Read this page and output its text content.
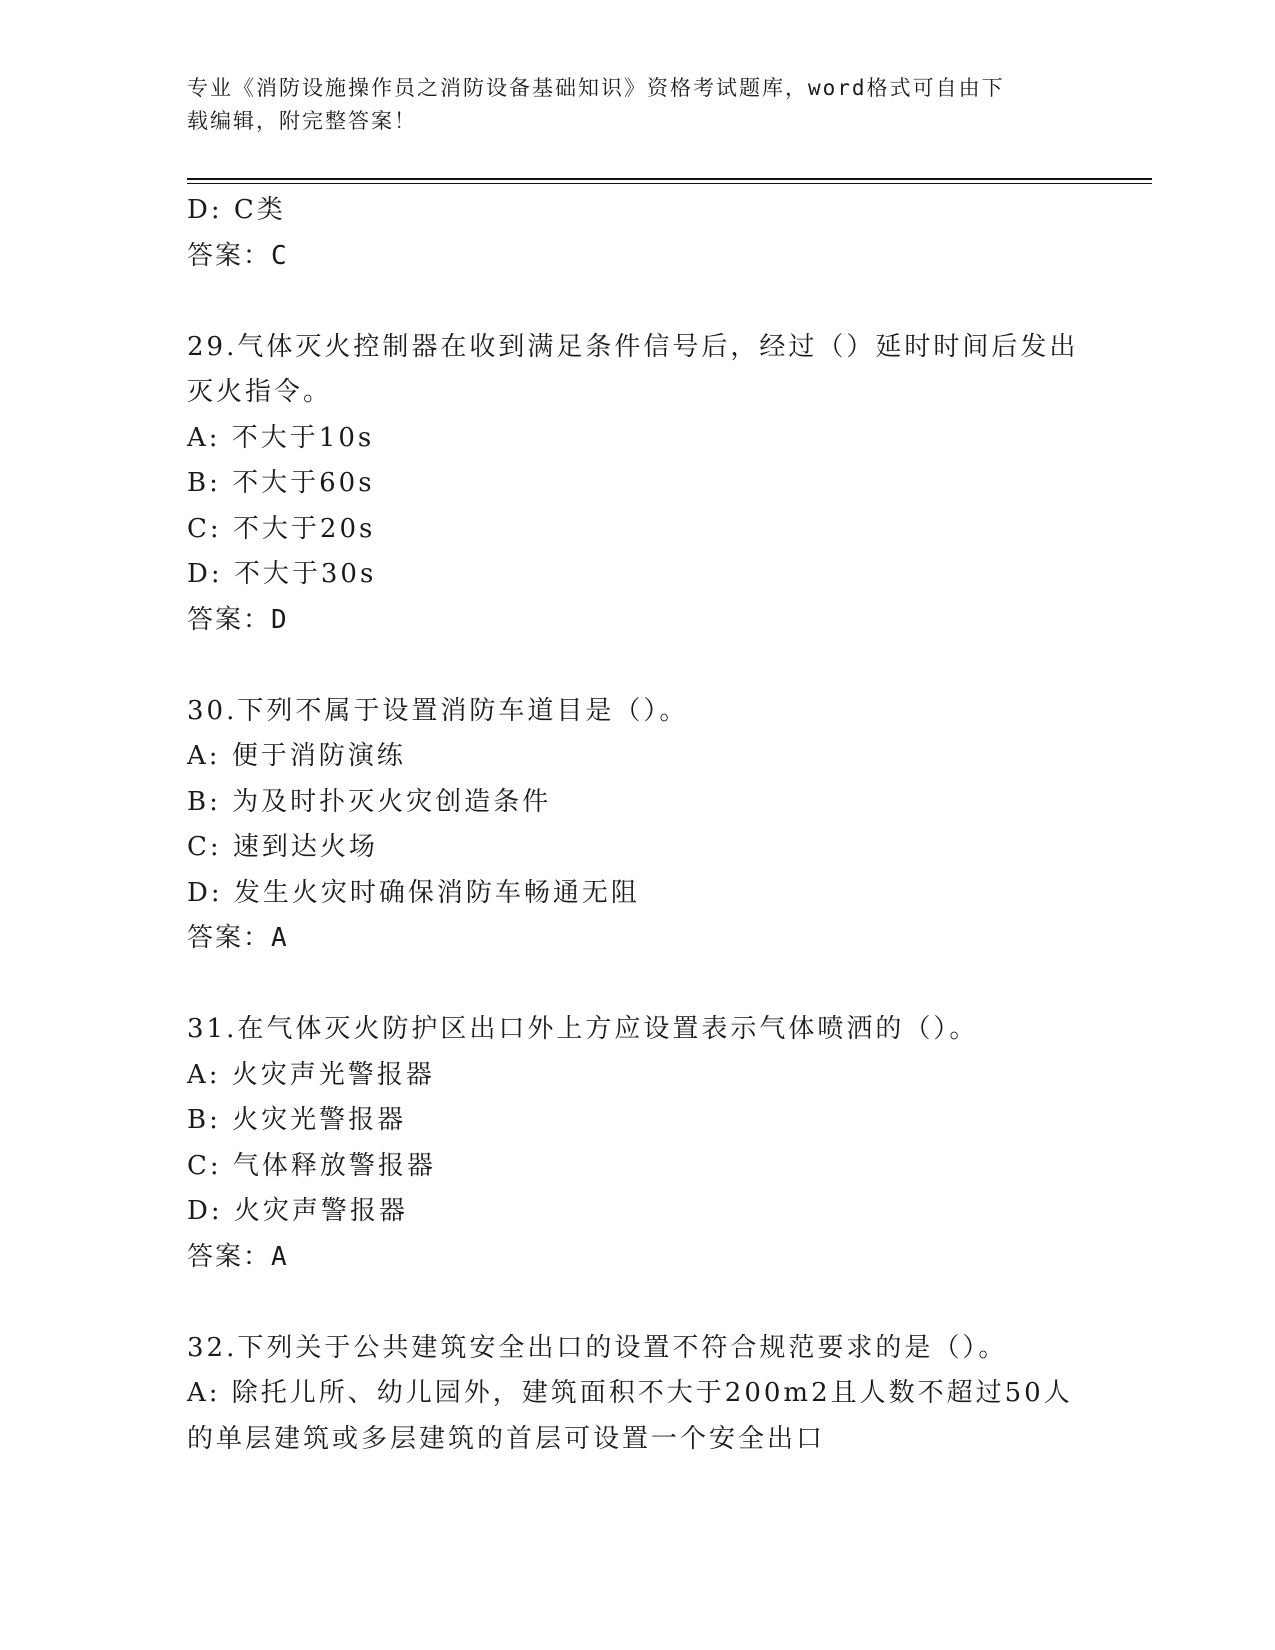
专业《消防设施操作员之消防设备基础知识》资格考试题库，word格式可自由下
载编辑，附完整答案！
D: C类
答案：C
29.气体灭火控制器在收到满足条件信号后，经过（）延时时间后发出
灭火指令。
A: 不大于10s
B: 不大于60s
C: 不大于20s
D: 不大于30s
答案：D
30.下列不属于设置消防车道目是（）。
A: 便于消防演练
B: 为及时扑灭火灾创造条件
C: 速到达火场
D: 发生火灾时确保消防车畅通无阻
答案：A
31.在气体灭火防护区出口外上方应设置表示气体喷洒的（）。
A: 火灾声光警报器
B: 火灾光警报器
C: 气体释放警报器
D: 火灾声警报器
答案：A
32.下列关于公共建筑安全出口的设置不符合规范要求的是（）。
A: 除托儿所、幼儿园外，建筑面积不大于200m2且人数不超过50人
的单层建筑或多层建筑的首层可设置一个安全出口
